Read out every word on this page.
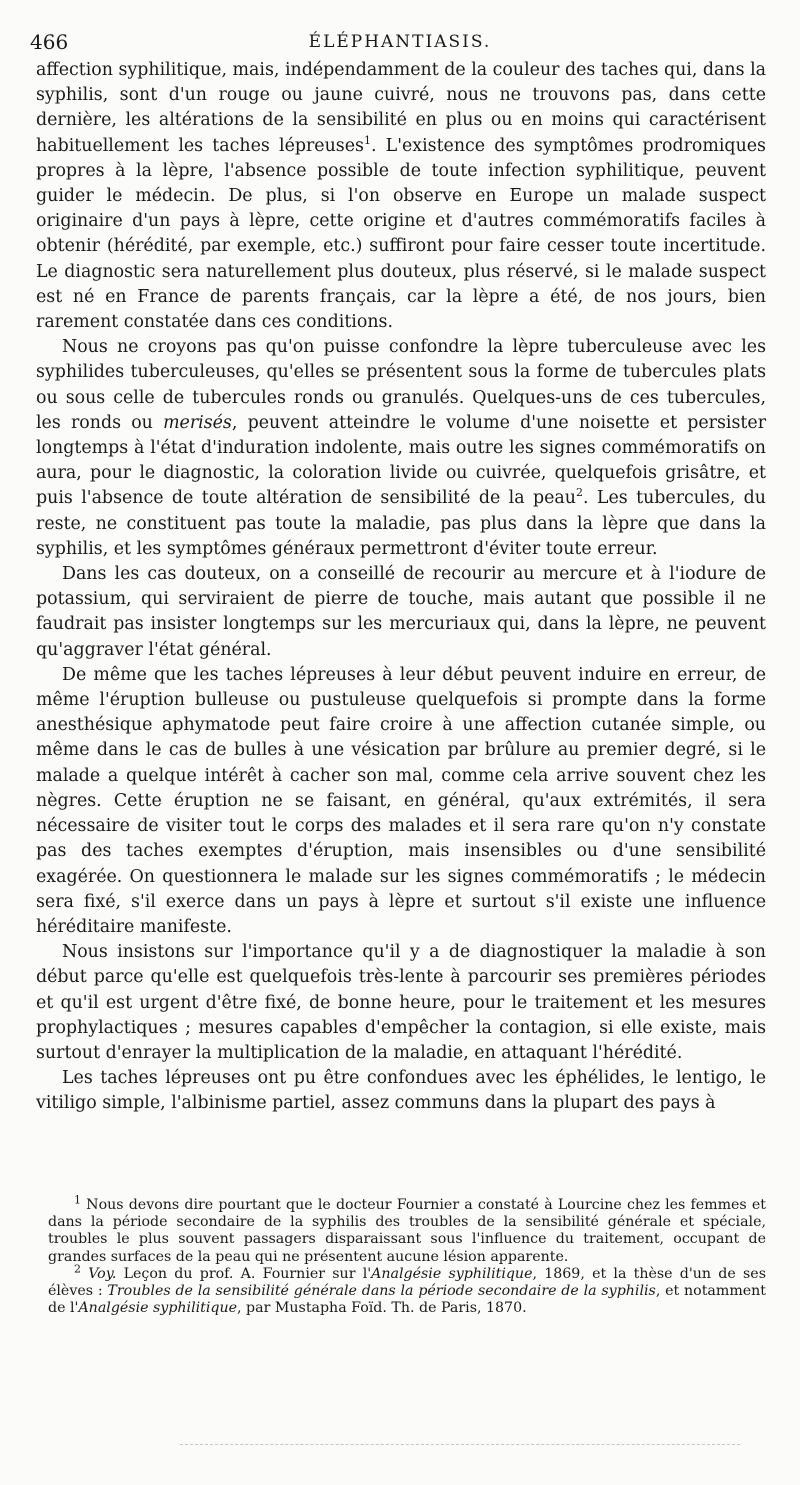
466	ÉLÉPHANTIASIS.

affection syphilitique, mais, indépendamment de la couleur des taches qui, dans la syphilis, sont d'un rouge ou jaune cuivré, nous ne trouvons pas, dans cette dernière, les altérations de la sensibilité en plus ou en moins qui caractérisent habituellement les taches lépreuses$^1$. L'existence des symptômes prodromiques propres à la lèpre, l'absence possible de toute infection syphilitique, peuvent guider le médecin. De plus, si l'on observe en Europe un malade suspect originaire d'un pays à lèpre, cette origine et d'autres commémoratifs faciles à obtenir (hérédité, par exemple, etc.) suffiront pour faire cesser toute incertitude. Le diagnostic sera naturellement plus douteux, plus réservé, si le malade suspect est né en France de parents français, car la lèpre a été, de nos jours, bien rarement constatée dans ces conditions.

Nous ne croyons pas qu'on puisse confondre la lèpre tuberculeuse avec les syphilides tuberculeuses, qu'elles se présentent sous la forme de tubercules plats ou sous celle de tubercules ronds ou granulés. Quelques-uns de ces tubercules, les ronds ou merisés, peuvent atteindre le volume d'une noisette et persister longtemps à l'état d'induration indolente, mais outre les signes commémoratifs on aura, pour le diagnostic, la coloration livide ou cuivrée, quelquefois grisâtre, et puis l'absence de toute altération de sensibilité de la peau$^2$. Les tubercules, du reste, ne constituent pas toute la maladie, pas plus dans la lèpre que dans la syphilis, et les symptômes généraux permettront d'éviter toute erreur.

Dans les cas douteux, on a conseillé de recourir au mercure et à l'iodure de potassium, qui serviraient de pierre de touche, mais autant que possible il ne faudrait pas insister longtemps sur les mercuriaux qui, dans la lèpre, ne peuvent qu'aggraver l'état général.

De même que les taches lépreuses à leur début peuvent induire en erreur, de même l'éruption bulleuse ou pustuleuse quelquefois si prompte dans la forme anesthésique aphymatode peut faire croire à une affection cutanée simple, ou même dans le cas de bulles à une vésication par brûlure au premier degré, si le malade a quelque intérêt à cacher son mal, comme cela arrive souvent chez les nègres. Cette éruption ne se faisant, en général, qu'aux extrémités, il sera nécessaire de visiter tout le corps des malades et il sera rare qu'on n'y constate pas des taches exemptes d'éruption, mais insensibles ou d'une sensibilité exagérée. On questionnera le malade sur les signes commémoratifs ; le médecin sera fixé, s'il exerce dans un pays à lèpre et surtout s'il existe une influence héréditaire manifeste.

Nous insistons sur l'importance qu'il y a de diagnostiquer la maladie à son début parce qu'elle est quelquefois très-lente à parcourir ses premières périodes et qu'il est urgent d'être fixé, de bonne heure, pour le traitement et les mesures prophylactiques ; mesures capables d'empêcher la contagion, si elle existe, mais surtout d'enrayer la multiplication de la maladie, en attaquant l'hérédité.

Les taches lépreuses ont pu être confondues avec les éphélides, le lentigo, le vitiligo simple, l'albinisme partiel, assez communs dans la plupart des pays à

$^1$ Nous devons dire pourtant que le docteur Fournier a constaté à Lourcine chez les femmes et dans la période secondaire de la syphilis des troubles de la sensibilité générale et spéciale, troubles le plus souvent passagers disparaissant sous l'influence du traitement, occupant de grandes surfaces de la peau qui ne présentent aucune lésion apparente.

$^2$ Voy. Leçon du prof. A. Fournier sur l'Analgésie syphilitique, 1869, et la thèse d'un de ses élèves : Troubles de la sensibilité générale dans la période secondaire de la syphilis, et notamment de l'Analgésie syphilitique, par Mustapha Foïd. Th. de Paris, 1870.
